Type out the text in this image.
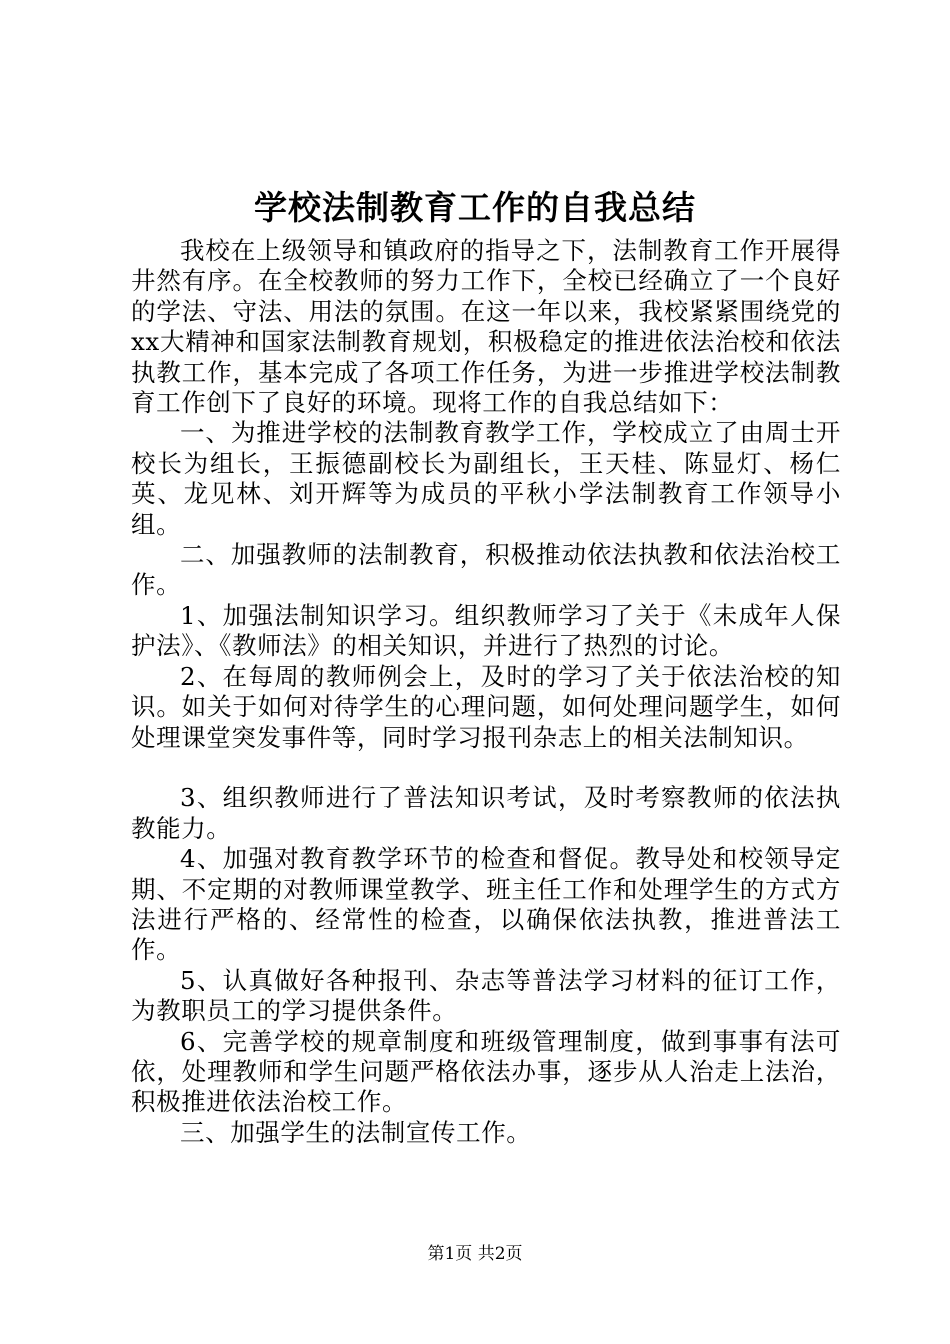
学校法制教育工作的自我总结

我校在上级领导和镇政府的指导之下，法制教育工作开展得井然有序。在全校教师的努力工作下，全校已经确立了一个良好的学法、守法、用法的氛围。在这一年以来，我校紧紧围绕党的xx大精神和国家法制教育规划，积极稳定的推进依法治校和依法执教工作，基本完成了各项工作任务，为进一步推进学校法制教育工作创下了良好的环境。现将工作的自我总结如下：

一、为推进学校的法制教育教学工作，学校成立了由周士开校长为组长，王振德副校长为副组长，王天桂、陈显灯、杨仁英、龙见林、刘开辉等为成员的平秋小学法制教育工作领导小组。

二、加强教师的法制教育，积极推动依法执教和依法治校工作。

1、加强法制知识学习。组织教师学习了关于《未成年人保护法》、《教师法》的相关知识，并进行了热烈的讨论。

2、在每周的教师例会上，及时的学习了关于依法治校的知识。如关于如何对待学生的心理问题，如何处理问题学生，如何处理课堂突发事件等，同时学习报刊杂志上的相关法制知识。

3、组织教师进行了普法知识考试，及时考察教师的依法执教能力。

4、加强对教育教学环节的检查和督促。教导处和校领导定期、不定期的对教师课堂教学、班主任工作和处理学生的方式方法进行严格的、经常性的检查，以确保依法执教，推进普法工作。

5、认真做好各种报刊、杂志等普法学习材料的征订工作，为教职员工的学习提供条件。

6、完善学校的规章制度和班级管理制度，做到事事有法可依，处理教师和学生问题严格依法办事，逐步从人治走上法治，积极推进依法治校工作。

三、加强学生的法制宣传工作。

第1页 共2页
